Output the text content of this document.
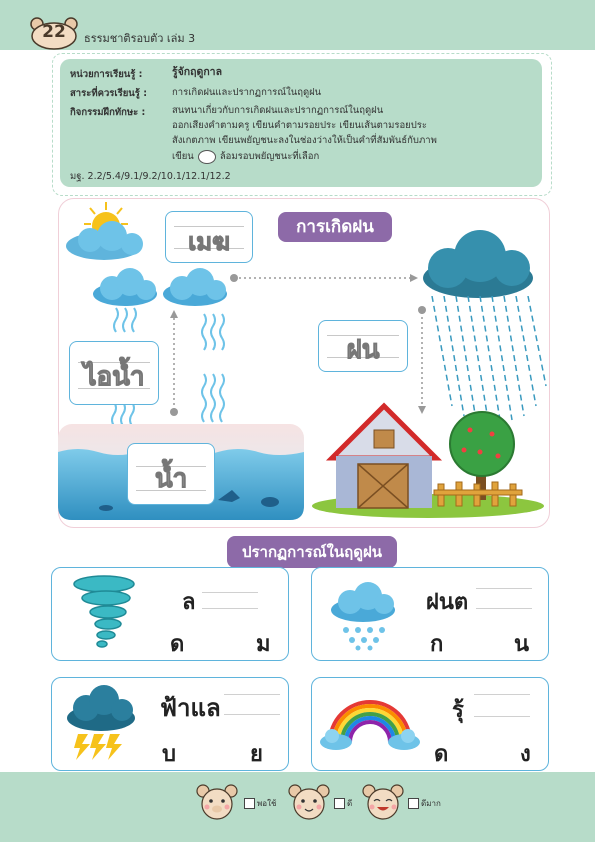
22	ธรรมชาติรอบตัว เล่ม 3
หน่วยการเรียนรู้ :	รู้จักฤดูกาล
สาระที่ควรเรียนรู้ :	การเกิดฝนและปรากฏการณ์ในฤดูฝน
กิจกรรมฝึกทักษะ :	สนทนาเกี่ยวกับการเกิดฝนและปรากฏการณ์ในฤดูฝน
ออกเสียงคำตามครู เขียนคำตามรอยประ เขียนเส้นตามรอยประ
สังเกตภาพ เขียนพยัญชนะลงในช่องว่างให้เป็นคำที่สัมพันธ์กับภาพ
เขียน	ล้อมรอบพยัญชนะที่เลือก
มฐ. 2.2/5.4/9.1/9.2/10.1/12.1/12.2
การเกิดฝน
เมฆ
ไอน้ำ
ฝน
น้ำ
ปรากฏการณ์ในฤดูฝน
ล
ด	ม
ฝนต
ก	น
ฟ้าแล
บ	ย
รุ้
ด	ง
พอใช้	ดี	ดีมาก
